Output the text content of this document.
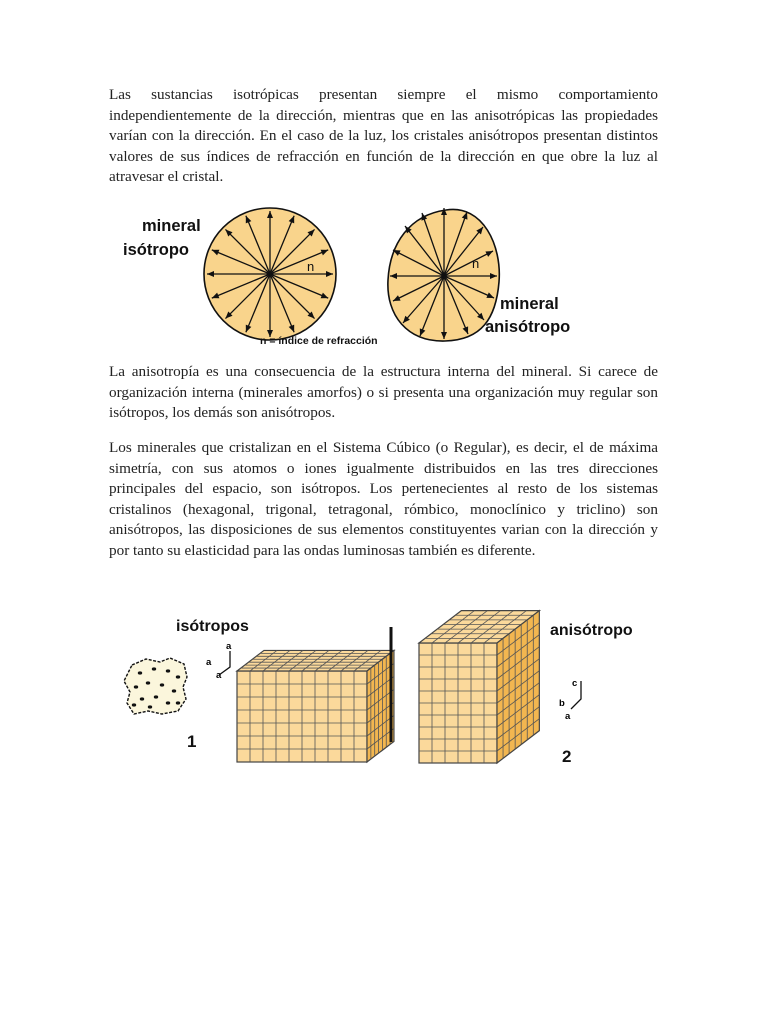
Las sustancias isotrópicas presentan siempre el mismo comportamiento independientemente de la dirección, mientras que en las anisotrópicas las propiedades varían con la dirección. En el caso de la luz, los cristales anisótropos presentan distintos valores de sus índices de refracción en función de la dirección en que obre la luz al atravesar el cristal.

mineral
isótropo
n	n
mineral
anisótropo
n = índice de refracción

La anisotropía es una consecuencia de la estructura interna del mineral. Si carece de organización interna (minerales amorfos) o si presenta una organización muy regular son isótropos, los demás son anisótropos.

Los minerales que cristalizan en el Sistema Cúbico (o Regular), es decir, el de máxima simetría, con sus atomos o iones igualmente distribuidos en las tres direcciones principales del espacio, son isótropos. Los pertenecientes al resto de los sistemas cristalinos (hexagonal, trigonal, tetragonal, rómbico, monoclínico y triclino) son anisótropos, las disposiciones de sus elementos constituyentes varian con la dirección y por tanto su elasticidad para las ondas luminosas también es diferente.

isótropos
a
a
a
1
anisótropo
c
b
a
2
